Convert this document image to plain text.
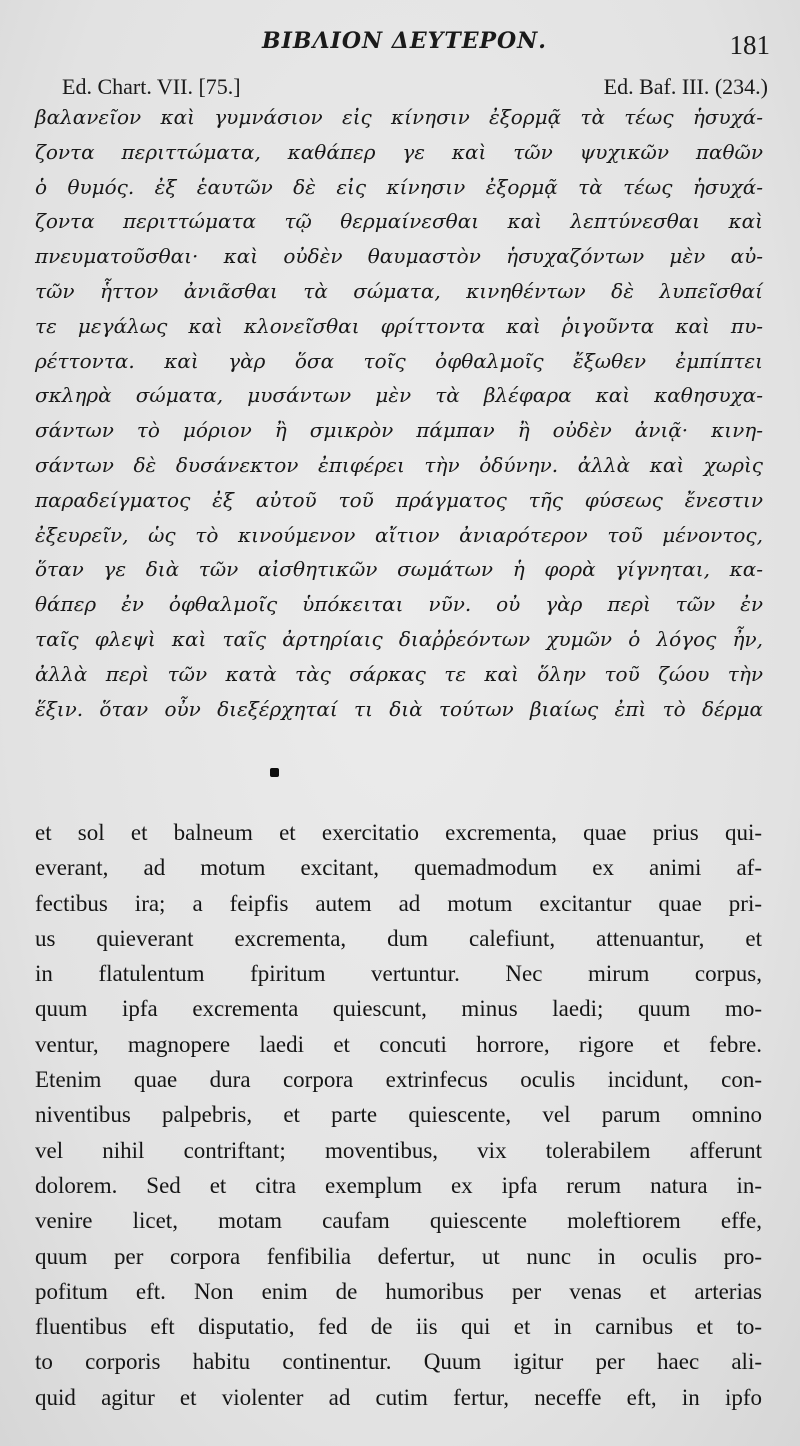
BIBΛΙΟΝ ΔΕΥΤΕΡΟΝ.	181
Ed. Chart. VII. [75.]	Ed. Baf. III. (234.)
βαλανεῖον καὶ γυμνάσιον εἰς κίνησιν ἐξορμᾷ τὰ τέως ἡσυχά-
ζοντα περιττώματα, καθάπερ γε καὶ τῶν ψυχικῶν παθῶν
ὁ θυμός. ἐξ ἑαυτῶν δὲ εἰς κίνησιν ἐξορμᾷ τὰ τέως ἡσυχά-
ζοντα περιττώματα τῷ θερμαίνεσθαι καὶ λεπτύνεσθαι καὶ
πνευματοῦσθαι· καὶ οὐδὲν θαυμαστὸν ἡσυχαζόντων μὲν αὐ-
τῶν ἧττον ἀνιᾶσθαι τὰ σώματα, κινηθέντων δὲ λυπεῖσθαί
τε μεγάλως καὶ κλονεῖσθαι φρίττοντα καὶ ῥιγοῦντα καὶ πυ-
ρέττοντα. καὶ γὰρ ὅσα τοῖς ὀφθαλμοῖς ἔξωθεν ἐμπίπτει
σκληρὰ σώματα, μυσάντων μὲν τὰ βλέφαρα καὶ καθησυχα-
σάντων τὸ μόριον ἢ σμικρὸν πάμπαν ἢ οὐδὲν ἀνιᾷ· κινη-
σάντων δὲ δυσάνεκτον ἐπιφέρει τὴν ὀδύνην. ἀλλὰ καὶ χωρὶς
παραδείγματος ἐξ αὐτοῦ τοῦ πράγματος τῆς φύσεως ἔνεστιν
ἐξευρεῖν, ὡς τὸ κινούμενον αἴτιον ἀνιαρότερον τοῦ μένοντος,
ὅταν γε διὰ τῶν αἰσθητικῶν σωμάτων ἡ φορὰ γίγνηται, κα-
θάπερ ἐν ὀφθαλμοῖς ὑπόκειται νῦν. οὐ γὰρ περὶ τῶν ἐν
ταῖς φλεψὶ καὶ ταῖς ἀρτηρίαις διαῤῥεόντων χυμῶν ὁ λόγος ἦν,
ἀλλὰ περὶ τῶν κατὰ τὰς σάρκας τε καὶ ὅλην τοῦ ζώου τὴν
ἕξιν. ὅταν οὖν διεξέρχηταί τι διὰ τούτων βιαίως ἐπὶ τὸ δέρμα
et sol et balneum et exercitatio excrementa, quae prius qui-
everant, ad motum excitant, quemadmodum ex animi af-
fectibus ira; a feipfis autem ad motum excitantur quae pri-
us quieverant excrementa, dum calefiunt, attenuantur, et
in flatulentum fpiritum vertuntur. Nec mirum corpus,
quum ipfa excrementa quiescunt, minus laedi; quum mo-
ventur, magnopere laedi et concuti horrore, rigore et febre.
Etenim quae dura corpora extrinfecus oculis incidunt, con-
niventibus palpebris, et parte quiescente, vel parum omnino
vel nihil contriftant; moventibus, vix tolerabilem afferunt
dolorem. Sed et citra exemplum ex ipfa rerum natura in-
venire licet, motam caufam quiescente moleftiorem effe,
quum per corpora fenfibilia defertur, ut nunc in oculis pro-
pofitum eft. Non enim de humoribus per venas et arterias
fluentibus eft disputatio, fed de iis qui et in carnibus et to-
to corporis habitu continentur. Quum igitur per haec ali-
quid agitur et violenter ad cutim fertur, neceffe eft, in ipfo
